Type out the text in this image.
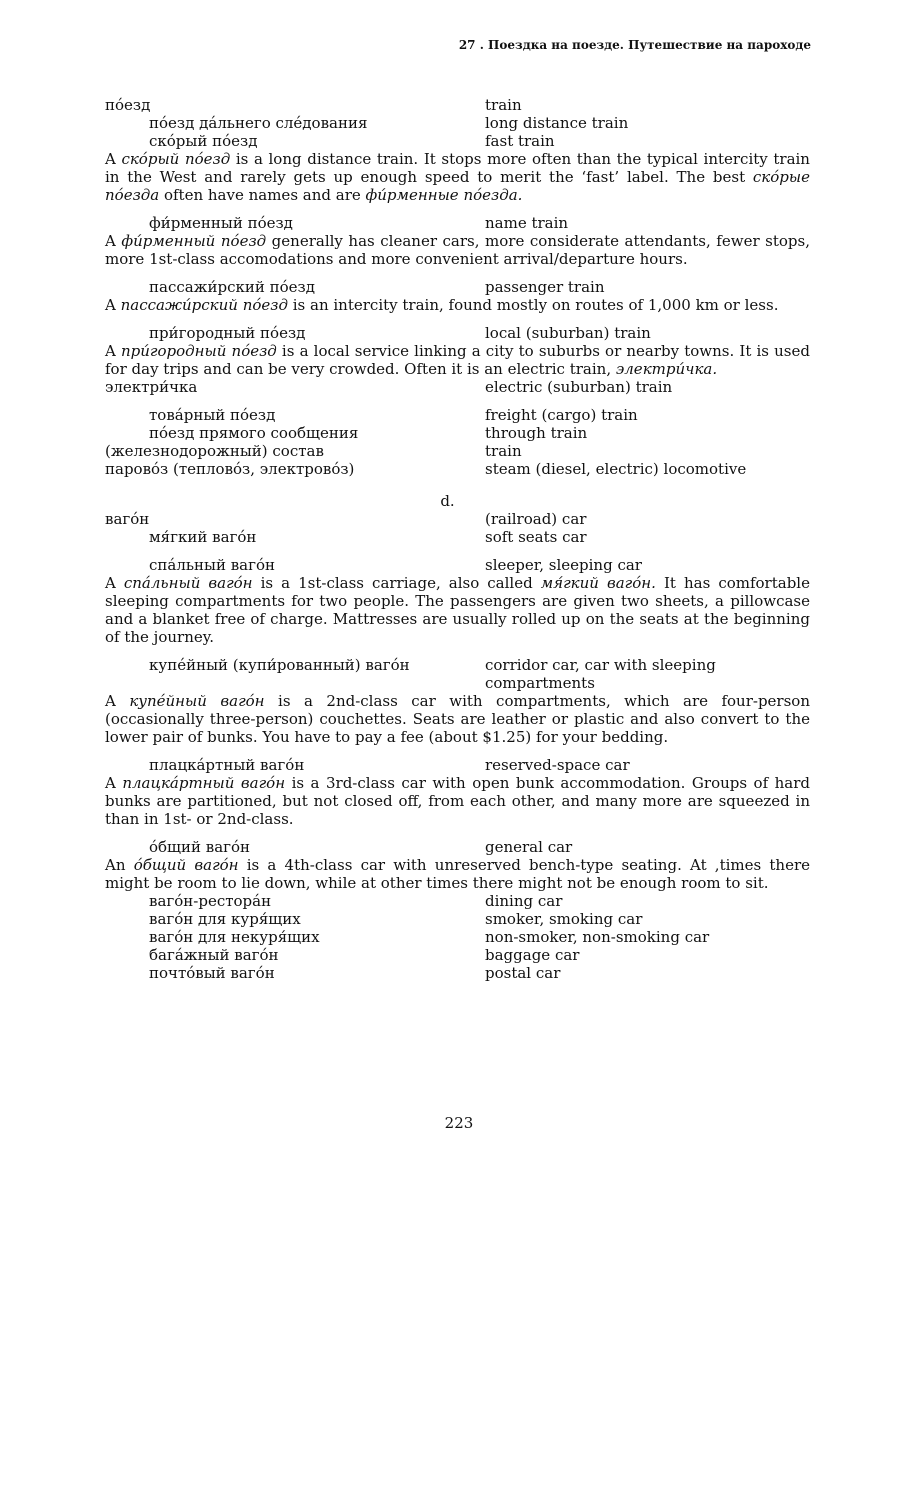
27 . Поездка на поезде. Путешествие на пароходе
пóезд	train
пóезд дáльнего слéдования	long distance train
скóрый пóезд	fast train
A скóрый пóезд is a long distance train. It stops more often than the typical intercity train in the West and rarely gets up enough speed to merit the ‘fast’ label. The best скóрые пóезда often have names and are фи́рменные пóезда.
фи́рменный пóезд	name train
A фи́рменный пóезд generally has cleaner cars, more considerate attendants, fewer stops, more 1st-class accomodations and more convenient arrival/departure hours.
пассажи́рский пóезд	passenger train
A пассажи́рский пóезд is an intercity train, found mostly on routes of 1,000 km or less.
при́городный пóезд	local (suburban) train
A при́городный пóезд is a local service linking a city to suburbs or nearby towns. It is used for day trips and can be very crowded. Often it is an electric train, электри́чка.
электри́чка	electric (suburban) train
товáрный пóезд	freight (cargo) train
пóезд прямого сообщения	through train
(железнодорожный) состав	train
паровóз (тепловóз, электровóз)	steam (diesel, electric) locomotive
d.
вагóн	(railroad) car
мя́гкий вагóн	soft seats car
спáльный вагóн	sleeper, sleeping car
A спáльный вагóн is a 1st-class carriage, also called мя́гкий вагóн. It has comfortable sleeping compartments for two people. The passengers are given two sheets, a pillowcase and a blanket free of charge. Mattresses are usually rolled up on the seats at the beginning of the journey.
купéйный (купи́рованный) вагóн	corridor car, car with sleeping compartments
A купéйный вагóн is a 2nd-class car with compartments, which are four-person (occasionally three-person) couchettes. Seats are leather or plastic and also convert to the lower pair of bunks. You have to pay a fee (about $1.25) for your bedding.
плацкáртный вагóн	reserved-space car
A плацкáртный вагóн is a 3rd-class car with open bunk accommodation. Groups of hard bunks are partitioned, but not closed off, from each other, and many more are squeezed in than in 1st- or 2nd-class.
óбщий вагóн	general car
An óбщий вагóн is a 4th-class car with unreserved bench-type seating. At ,times there might be room to lie down, while at other times there might not be enough room to sit.
вагóн-ресторáн	dining car
вагóн для куря́щих	smoker, smoking car
вагóн для некуря́щих	non-smoker, non-smoking car
багáжный вагóн	baggage car
почтóвый вагóн	postal car
223
